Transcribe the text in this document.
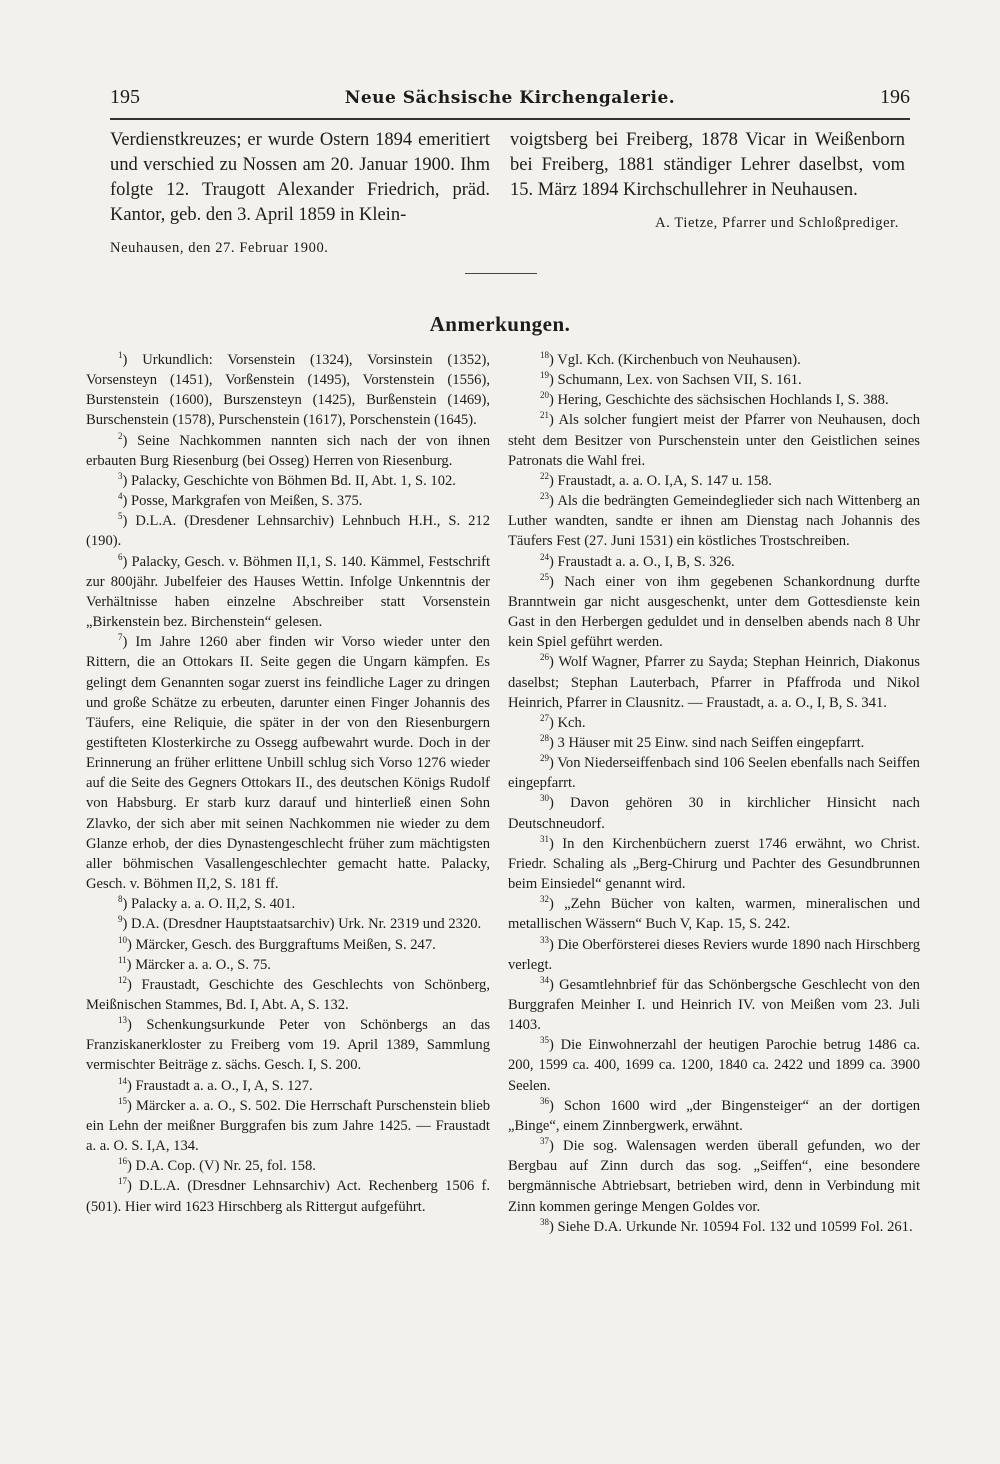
195	Neue Sächsische Kirchengalerie.	196

Verdienstkreuzes; er wurde Ostern 1894 emeritiert und verschied zu Nossen am 20. Januar 1900. Ihm folgte 12. Traugott Alexander Friedrich, präd. Kantor, geb. den 3. April 1859 in Klein-

Neuhausen, den 27. Februar 1900.

voigtsberg bei Freiberg, 1878 Vicar in Weißenborn bei Freiberg, 1881 ständiger Lehrer daselbst, vom 15. März 1894 Kirchschullehrer in Neuhausen.

A. Tietze, Pfarrer und Schloßprediger.

Anmerkungen.

$^1$) Urkundlich: Vorsenstein (1324), Vorsinstein (1352), Vorsensteyn (1451), Vorßenstein (1495), Vorstenstein (1556), Burstenstein (1600), Burszensteyn (1425), Burßenstein (1469), Burschenstein (1578), Purschenstein (1617), Porschenstein (1645).

$^2$) Seine Nachkommen nannten sich nach der von ihnen erbauten Burg Riesenburg (bei Osseg) Herren von Riesenburg.

$^3$) Palacky, Geschichte von Böhmen Bd. II, Abt. 1, S. 102.

$^4$) Posse, Markgrafen von Meißen, S. 375.

$^5$) D.L.A. (Dresdener Lehnsarchiv) Lehnbuch H.H., S. 212 (190).

$^6$) Palacky, Gesch. v. Böhmen II,1, S. 140. Kämmel, Festschrift zur 800jähr. Jubelfeier des Hauses Wettin. Infolge Unkenntnis der Verhältnisse haben einzelne Abschreiber statt Vorsenstein „Birkenstein bez. Birchenstein“ gelesen.

$^7$) Im Jahre 1260 aber finden wir Vorso wieder unter den Rittern, die an Ottokars II. Seite gegen die Ungarn kämpfen. Es gelingt dem Genannten sogar zuerst ins feindliche Lager zu dringen und große Schätze zu erbeuten, darunter einen Finger Johannis des Täufers, eine Reliquie, die später in der von den Riesenburgern gestifteten Klosterkirche zu Ossegg aufbewahrt wurde. Doch in der Erinnerung an früher erlittene Unbill schlug sich Vorso 1276 wieder auf die Seite des Gegners Ottokars II., des deutschen Königs Rudolf von Habsburg. Er starb kurz darauf und hinterließ einen Sohn Zlavko, der sich aber mit seinen Nachkommen nie wieder zu dem Glanze erhob, der dies Dynastengeschlecht früher zum mächtigsten aller böhmischen Vasallengeschlechter gemacht hatte. Palacky, Gesch. v. Böhmen II,2, S. 181 ff.

$^8$) Palacky a. a. O. II,2, S. 401.

$^9$) D.A. (Dresdner Hauptstaatsarchiv) Urk. Nr. 2319 und 2320.

$^{10}$) Märcker, Gesch. des Burggraftums Meißen, S. 247.

$^{11}$) Märcker a. a. O., S. 75.

$^{12}$) Fraustadt, Geschichte des Geschlechts von Schönberg, Meißnischen Stammes, Bd. I, Abt. A, S. 132.

$^{13}$) Schenkungsurkunde Peter von Schönbergs an das Franziskanerkloster zu Freiberg vom 19. April 1389, Sammlung vermischter Beiträge z. sächs. Gesch. I, S. 200.

$^{14}$) Fraustadt a. a. O., I, A, S. 127.

$^{15}$) Märcker a. a. O., S. 502. Die Herrschaft Purschenstein blieb ein Lehn der meißner Burggrafen bis zum Jahre 1425. — Fraustadt a. a. O. S. I,A, 134.

$^{16}$) D.A. Cop. (V) Nr. 25, fol. 158.

$^{17}$) D.L.A. (Dresdner Lehnsarchiv) Act. Rechenberg 1506 f. (501). Hier wird 1623 Hirschberg als Rittergut aufgeführt.

$^{18}$) Vgl. Kch. (Kirchenbuch von Neuhausen).

$^{19}$) Schumann, Lex. von Sachsen VII, S. 161.

$^{20}$) Hering, Geschichte des sächsischen Hochlands I, S. 388.

$^{21}$) Als solcher fungiert meist der Pfarrer von Neuhausen, doch steht dem Besitzer von Purschenstein unter den Geistlichen seines Patronats die Wahl frei.

$^{22}$) Fraustadt, a. a. O. I,A, S. 147 u. 158.

$^{23}$) Als die bedrängten Gemeindeglieder sich nach Wittenberg an Luther wandten, sandte er ihnen am Dienstag nach Johannis des Täufers Fest (27. Juni 1531) ein köstliches Trostschreiben.

$^{24}$) Fraustadt a. a. O., I, B, S. 326.

$^{25}$) Nach einer von ihm gegebenen Schankordnung durfte Branntwein gar nicht ausgeschenkt, unter dem Gottesdienste kein Gast in den Herbergen geduldet und in denselben abends nach 8 Uhr kein Spiel geführt werden.

$^{26}$) Wolf Wagner, Pfarrer zu Sayda; Stephan Heinrich, Diakonus daselbst; Stephan Lauterbach, Pfarrer in Pfaffroda und Nikol Heinrich, Pfarrer in Clausnitz. — Fraustadt, a. a. O., I, B, S. 341.

$^{27}$) Kch.

$^{28}$) 3 Häuser mit 25 Einw. sind nach Seiffen eingepfarrt.

$^{29}$) Von Niederseiffenbach sind 106 Seelen ebenfalls nach Seiffen eingepfarrt.

$^{30}$) Davon gehören 30 in kirchlicher Hinsicht nach Deutschneudorf.

$^{31}$) In den Kirchenbüchern zuerst 1746 erwähnt, wo Christ. Friedr. Schaling als „Berg-Chirurg und Pachter des Gesundbrunnen beim Einsiedel“ genannt wird.

$^{32}$) „Zehn Bücher von kalten, warmen, mineralischen und metallischen Wässern“ Buch V, Kap. 15, S. 242.

$^{33}$) Die Oberförsterei dieses Reviers wurde 1890 nach Hirschberg verlegt.

$^{34}$) Gesamtlehnbrief für das Schönbergsche Geschlecht von den Burggrafen Meinher I. und Heinrich IV. von Meißen vom 23. Juli 1403.

$^{35}$) Die Einwohnerzahl der heutigen Parochie betrug 1486 ca. 200, 1599 ca. 400, 1699 ca. 1200, 1840 ca. 2422 und 1899 ca. 3900 Seelen.

$^{36}$) Schon 1600 wird „der Bingensteiger“ an der dortigen „Binge“, einem Zinnbergwerk, erwähnt.

$^{37}$) Die sog. Walensagen werden überall gefunden, wo der Bergbau auf Zinn durch das sog. „Seiffen“, eine besondere bergmännische Abtriebsart, betrieben wird, denn in Verbindung mit Zinn kommen geringe Mengen Goldes vor.

$^{38}$) Siehe D.A. Urkunde Nr. 10594 Fol. 132 und 10599 Fol. 261.
